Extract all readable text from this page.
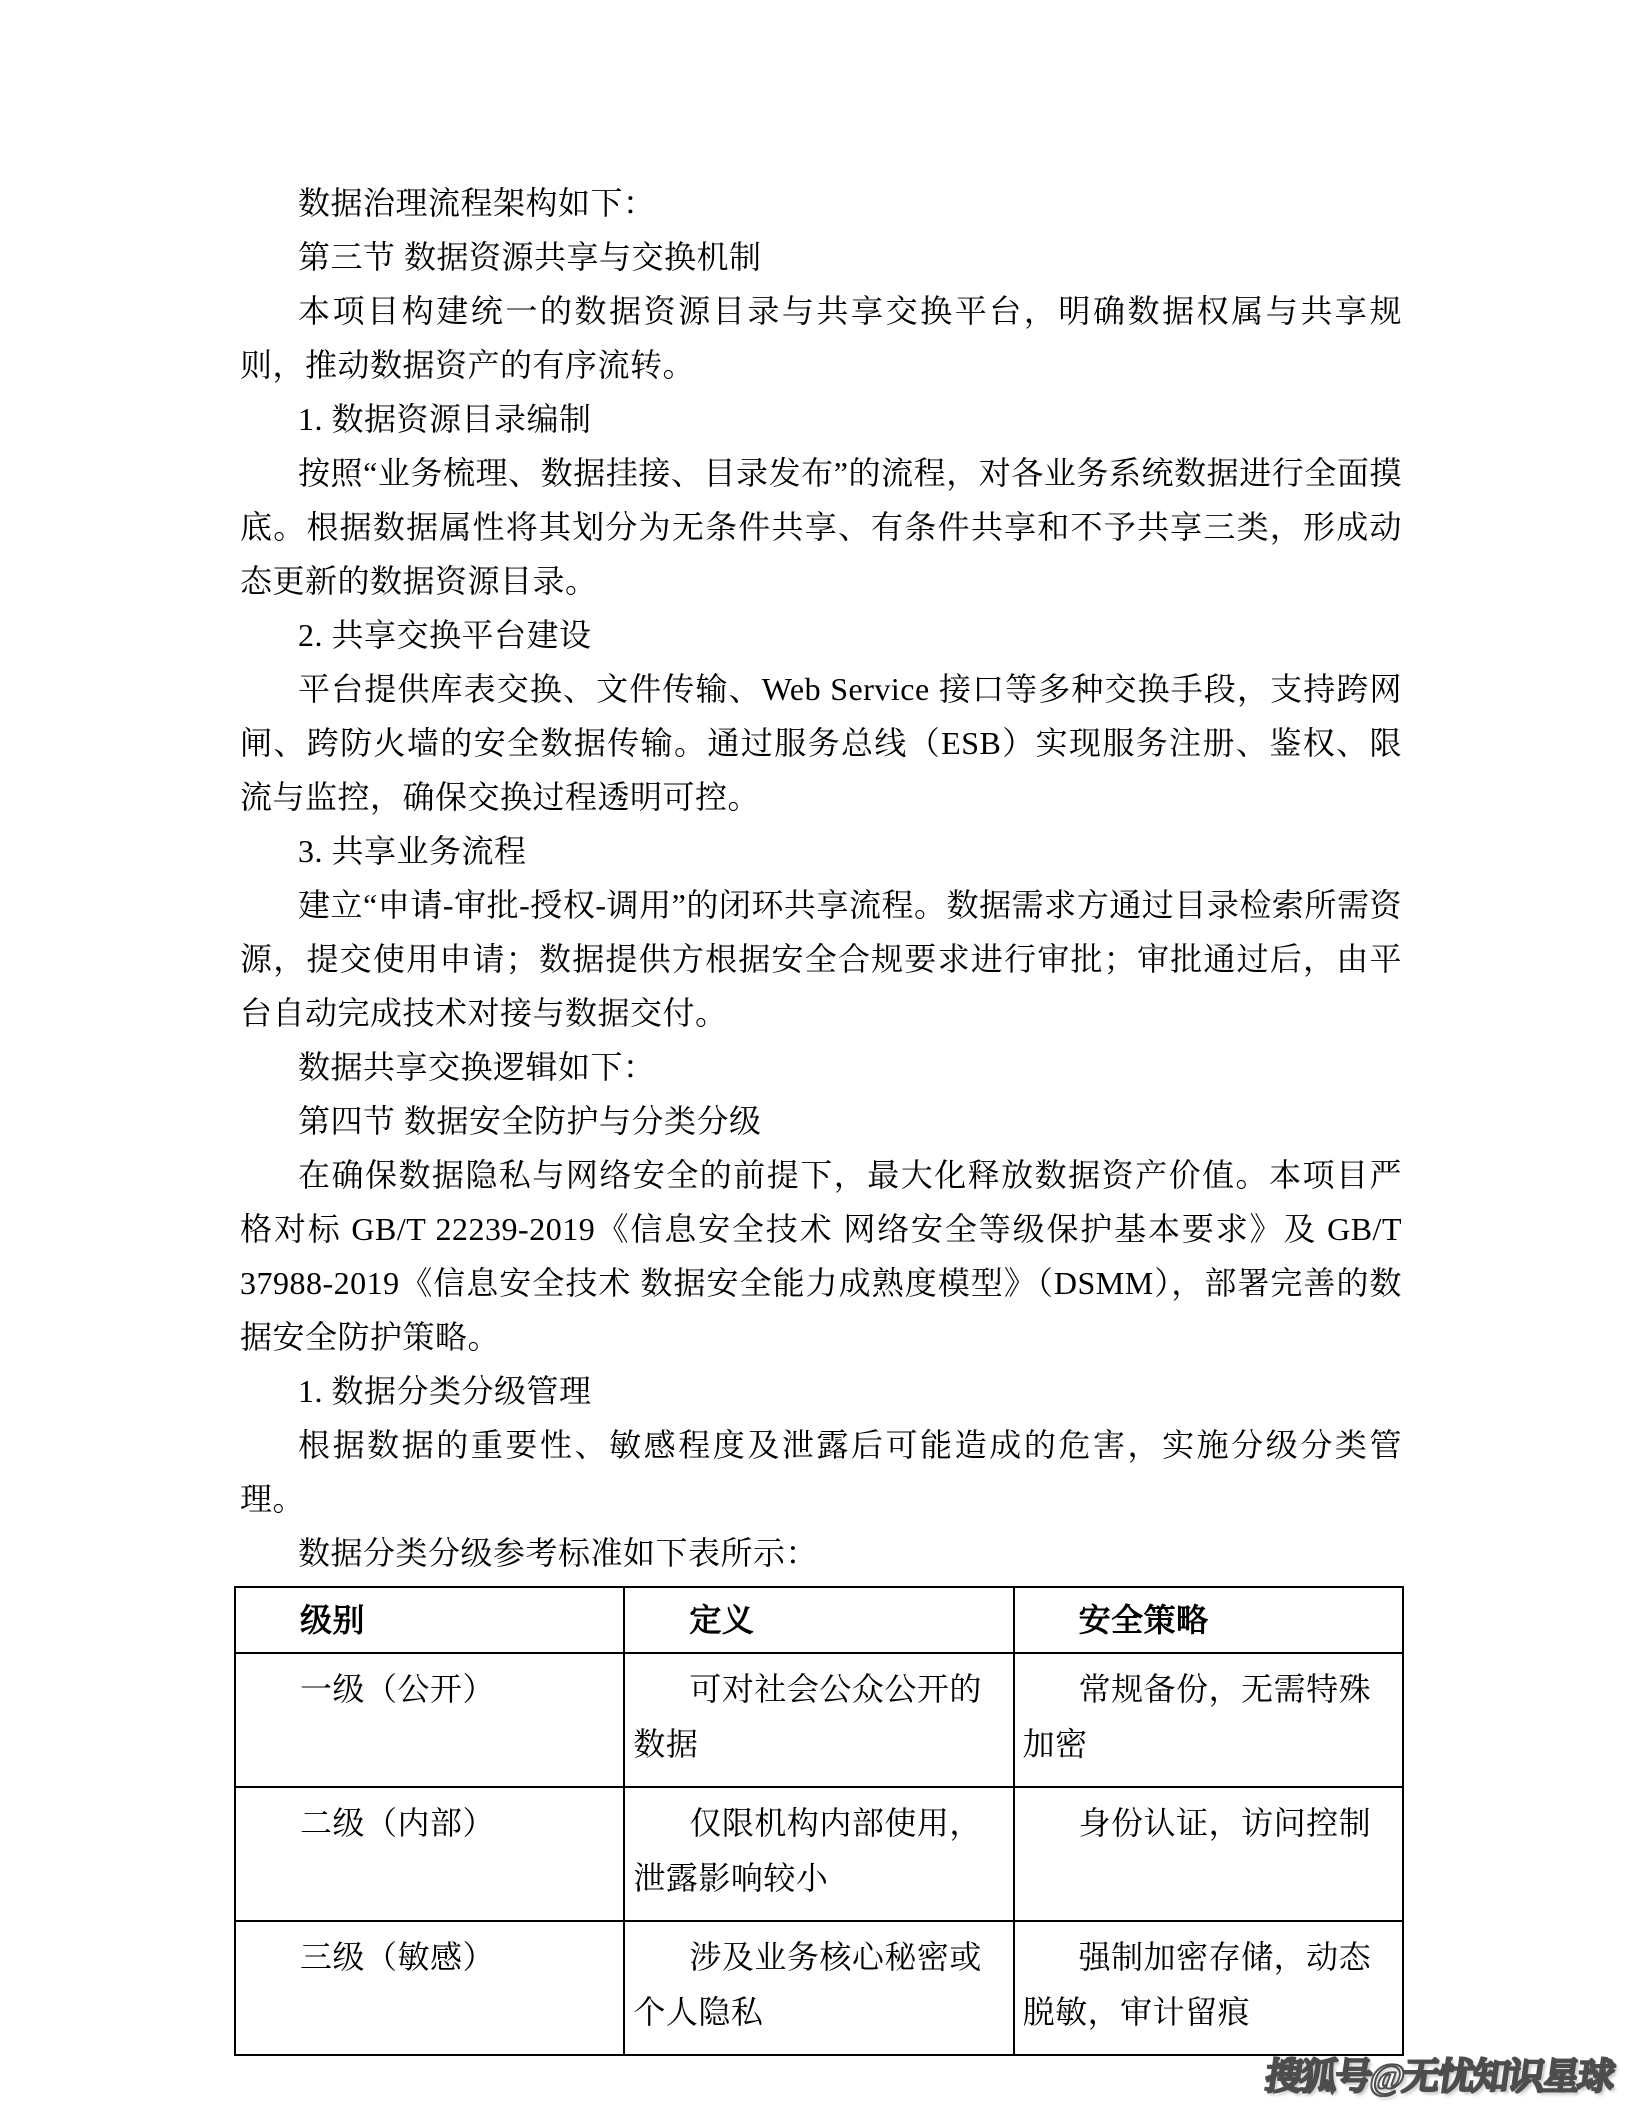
数据治理流程架构如下：

第三节 数据资源共享与交换机制

本项目构建统一的数据资源目录与共享交换平台，明确数据权属与共享规则，推动数据资产的有序流转。

1. 数据资源目录编制

按照“业务梳理、数据挂接、目录发布”的流程，对各业务系统数据进行全面摸底。根据数据属性将其划分为无条件共享、有条件共享和不予共享三类，形成动态更新的数据资源目录。

2. 共享交换平台建设

平台提供库表交换、文件传输、Web Service 接口等多种交换手段，支持跨网闸、跨防火墙的安全数据传输。通过服务总线（ESB）实现服务注册、鉴权、限流与监控，确保交换过程透明可控。

3. 共享业务流程

建立“申请-审批-授权-调用”的闭环共享流程。数据需求方通过目录检索所需资源，提交使用申请；数据提供方根据安全合规要求进行审批；审批通过后，由平台自动完成技术对接与数据交付。

数据共享交换逻辑如下：

第四节 数据安全防护与分类分级

在确保数据隐私与网络安全的前提下，最大化释放数据资产价值。本项目严格对标 GB/T 22239-2019《信息安全技术 网络安全等级保护基本要求》及 GB/T 37988-2019《信息安全技术 数据安全能力成熟度模型》（DSMM），部署完善的数据安全防护策略。

1. 数据分类分级管理

根据数据的重要性、敏感程度及泄露后可能造成的危害，实施分级分类管理。

数据分类分级参考标准如下表所示：

级别	定义	安全策略
一级（公开）	可对社会公众公开的数据	常规备份，无需特殊加密
二级（内部）	仅限机构内部使用，泄露影响较小	身份认证，访问控制
三级（敏感）	涉及业务核心秘密或个人隐私	强制加密存储，动态脱敏，审计留痕
搜狐号@无忧知识星球
